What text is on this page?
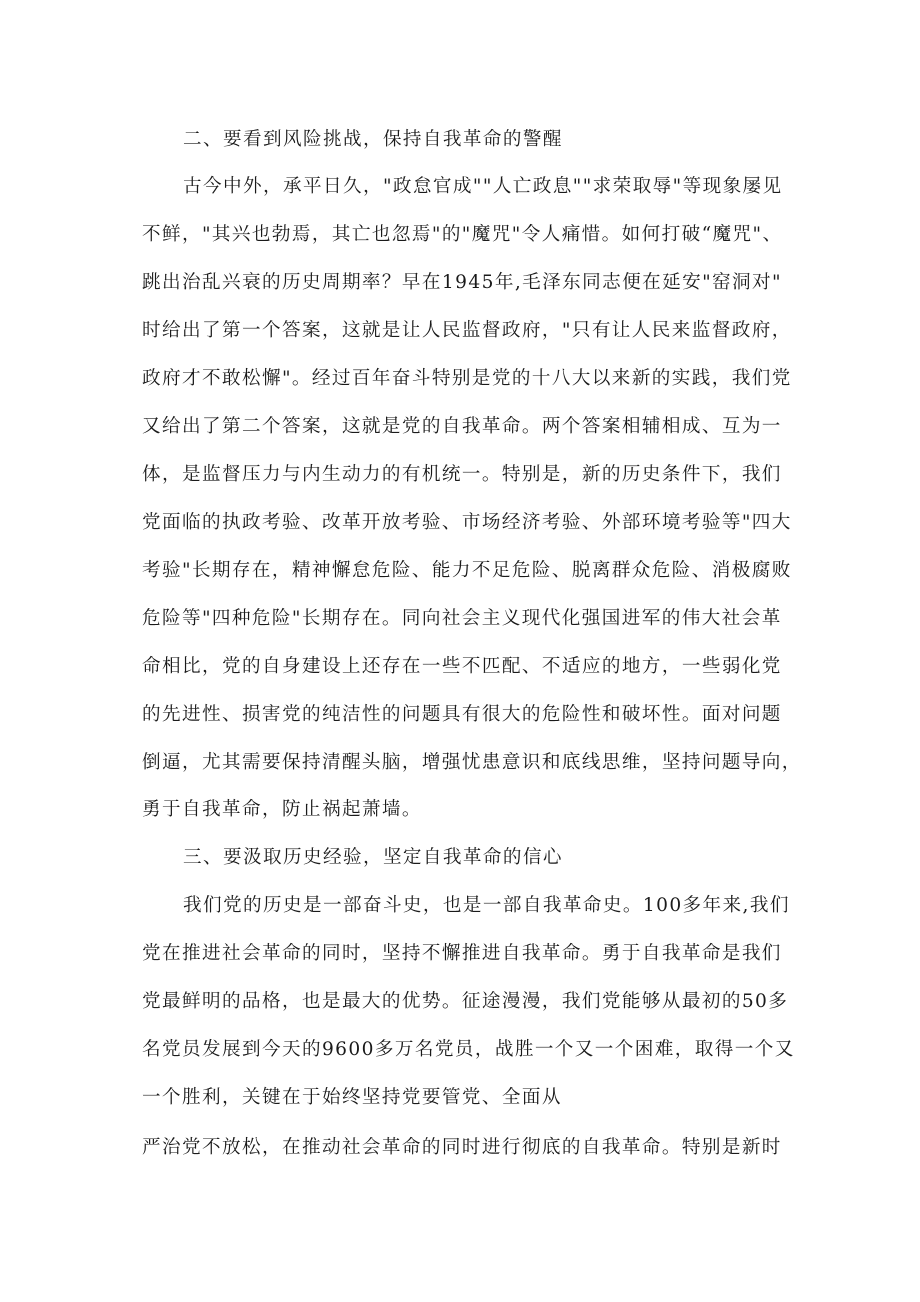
二、要看到风险挑战，保持自我革命的警醒
古今中外，承平日久，"政怠官成""人亡政息""求荣取辱"等现象屡见
不鲜，"其兴也勃焉，其亡也忽焉"的"魔咒"令人痛惜。如何打破“魔咒"、
跳出治乱兴衰的历史周期率？早在1945年,毛泽东同志便在延安"窑洞对"
时给出了第一个答案，这就是让人民监督政府，"只有让人民来监督政府，
政府才不敢松懈"。经过百年奋斗特别是党的十八大以来新的实践，我们党
又给出了第二个答案，这就是党的自我革命。两个答案相辅相成、互为一
体，是监督压力与内生动力的有机统一。特别是，新的历史条件下，我们
党面临的执政考验、改革开放考验、市场经济考验、外部环境考验等"四大
考验"长期存在，精神懈怠危险、能力不足危险、脱离群众危险、消极腐败
危险等"四种危险"长期存在。同向社会主义现代化强国进军的伟大社会革
命相比，党的自身建设上还存在一些不匹配、不适应的地方，一些弱化党
的先进性、损害党的纯洁性的问题具有很大的危险性和破坏性。面对问题
倒逼，尤其需要保持清醒头脑，增强忧患意识和底线思维，坚持问题导向，
勇于自我革命，防止祸起萧墙。
三、要汲取历史经验，坚定自我革命的信心
我们党的历史是一部奋斗史，也是一部自我革命史。100多年来,我们
党在推进社会革命的同时，坚持不懈推进自我革命。勇于自我革命是我们
党最鲜明的品格，也是最大的优势。征途漫漫，我们党能够从最初的50多
名党员发展到今天的9600多万名党员，战胜一个又一个困难，取得一个又
一个胜利，关键在于始终坚持党要管党、全面从
严治党不放松，在推动社会革命的同时进行彻底的自我革命。特别是新时
